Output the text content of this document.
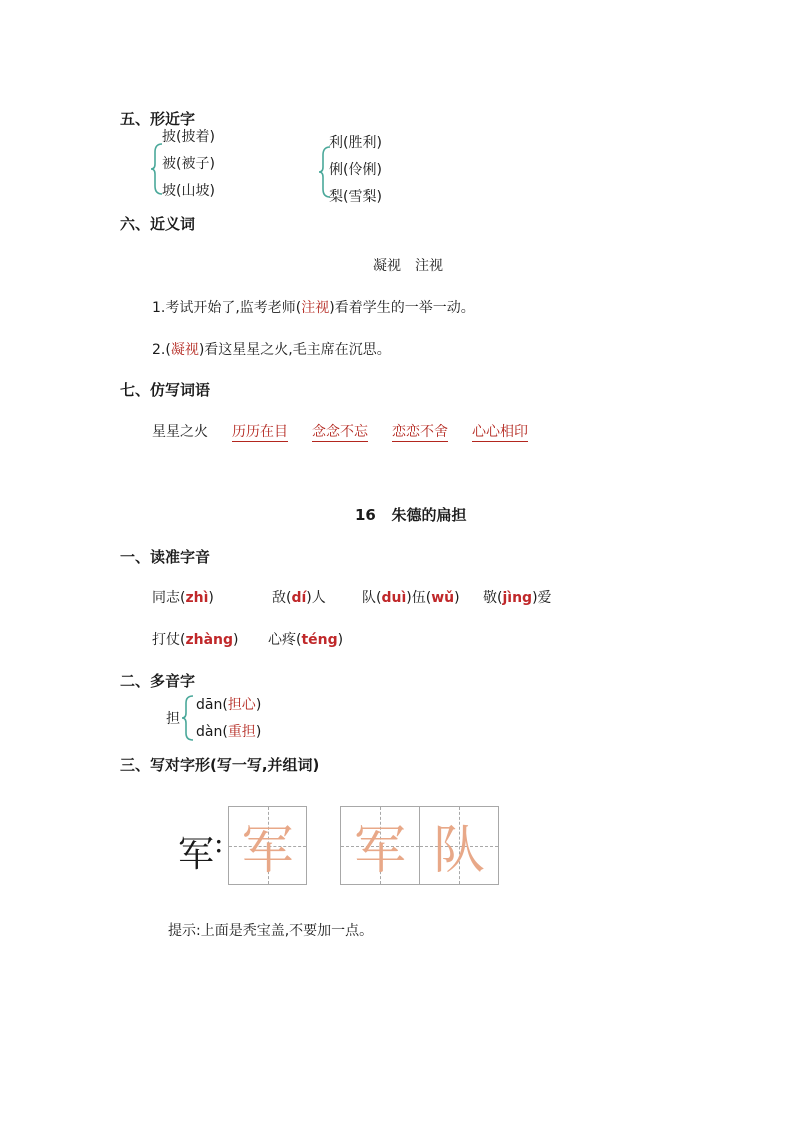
五、形近字
披(披着)
被(被子)
坡(山坡)
利(胜利)
俐(伶俐)
梨(雪梨)
六、近义词
凝视　注视
1.考试开始了,监考老师(注视)看着学生的一举一动。
2.(凝视)看这星星之火,毛主席在沉思。
七、仿写词语
星星之火 历历在目 念念不忘 恋恋不舍 心心相印
16 朱德的扁担
一、读准字音
同志(zhì)	敌(dí)人	队(duì)伍(wǔ) 敬(jìng)爱
打仗(zhàng) 心疼(téng)
二、多音字
担
dān(担心)
dàn(重担)
三、写对字形(写一写,并组词)
军 : 军 军 队
提示:上面是秃宝盖,不要加一点。
